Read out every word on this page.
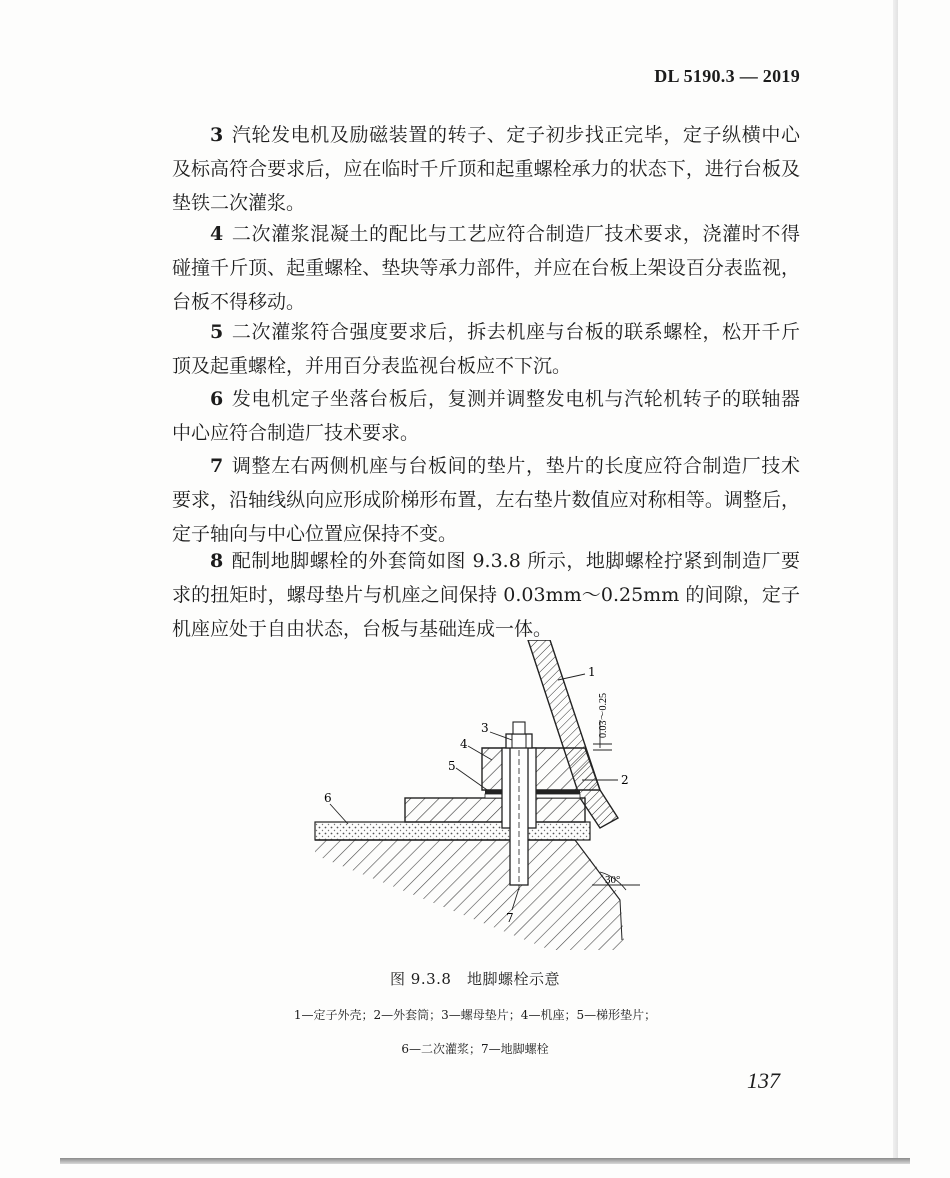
DL 5190.3 — 2019
3 汽轮发电机及励磁装置的转子、定子初步找正完毕，定子纵横中心及标高符合要求后，应在临时千斤顶和起重螺栓承力的状态下，进行台板及垫铁二次灌浆。
4 二次灌浆混凝土的配比与工艺应符合制造厂技术要求，浇灌时不得碰撞千斤顶、起重螺栓、垫块等承力部件，并应在台板上架设百分表监视，台板不得移动。
5 二次灌浆符合强度要求后，拆去机座与台板的联系螺栓，松开千斤顶及起重螺栓，并用百分表监视台板应不下沉。
6 发电机定子坐落台板后，复测并调整发电机与汽轮机转子的联轴器中心应符合制造厂技术要求。
7 调整左右两侧机座与台板间的垫片，垫片的长度应符合制造厂技术要求，沿轴线纵向应形成阶梯形布置，左右垫片数值应对称相等。调整后，定子轴向与中心位置应保持不变。
8 配制地脚螺栓的外套筒如图 9.3.8 所示，地脚螺栓拧紧到制造厂要求的扭矩时，螺母垫片与机座之间保持 0.03mm～0.25mm 的间隙，定子机座应处于自由状态，台板与基础连成一体。
0.03～0.25
30°
1
2
3
4
5
6
7
图 9.3.8　地脚螺栓示意
1—定子外壳；2—外套筒；3—螺母垫片；4—机座；5—梯形垫片；
6—二次灌浆；7—地脚螺栓
137
